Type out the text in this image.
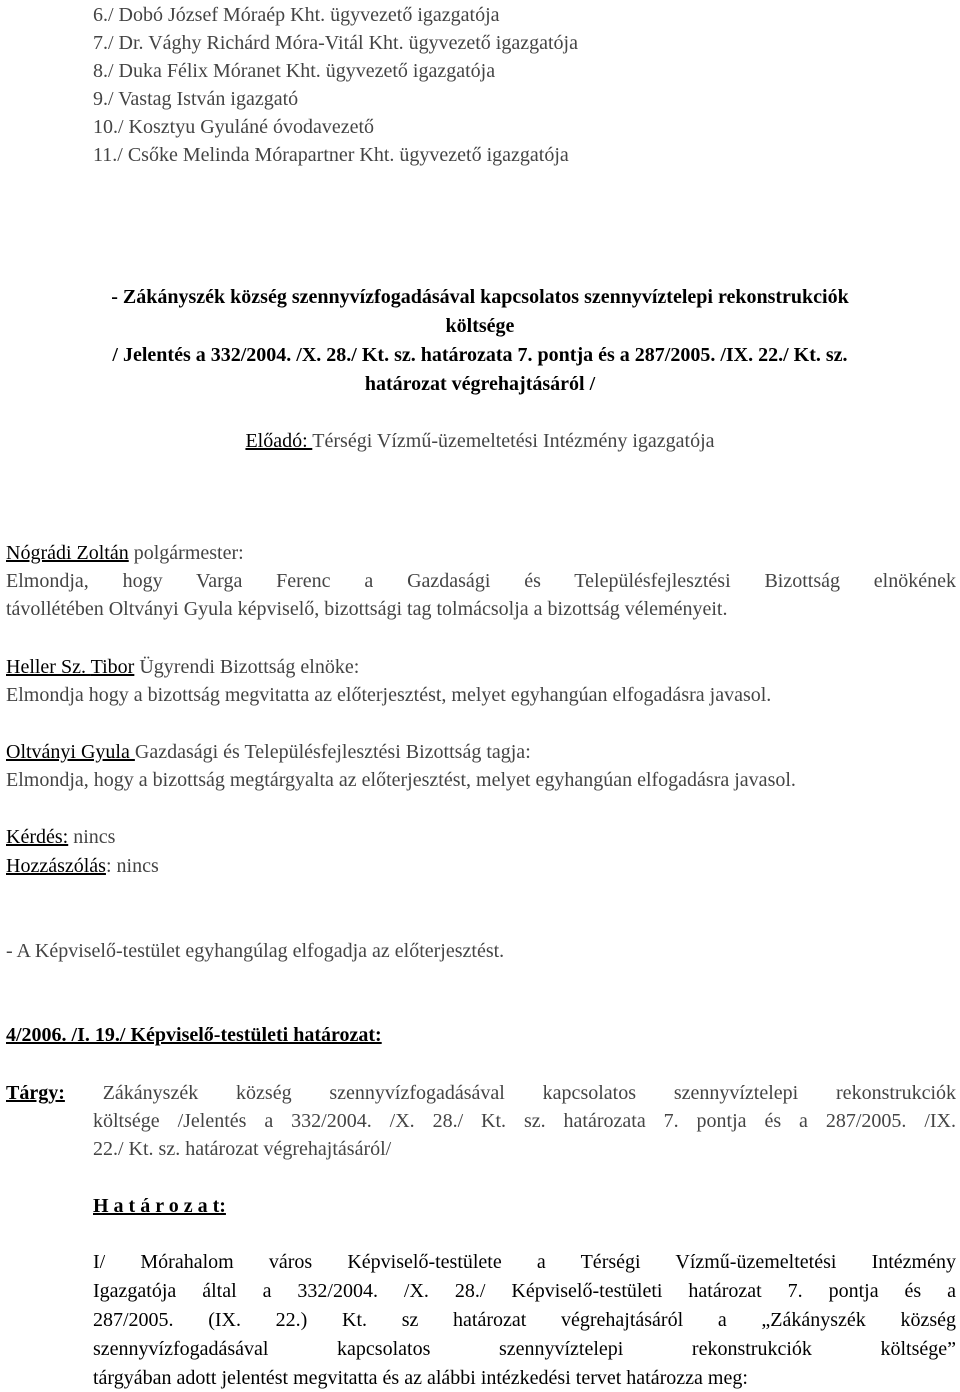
6./ Dobó József Móraép Kht. ügyvezető igazgatója
7./ Dr. Vághy Richárd Móra-Vitál Kht. ügyvezető igazgatója
8./ Duka Félix Móranet Kht. ügyvezető igazgatója
9./ Vastag István igazgató
10./ Kosztyu Gyuláné óvodavezető
11./ Csőke Melinda Mórapartner Kht. ügyvezető igazgatója
- Zákányszék község szennyvízfogadásával kapcsolatos szennyvíztelepi rekonstrukciók
költsége
/ Jelentés a 332/2004. /X. 28./ Kt. sz. határozata 7. pontja és a 287/2005. /IX. 22./ Kt. sz.
határozat végrehajtásáról /
Előadó: Térségi Vízmű-üzemeltetési Intézmény igazgatója
Nógrádi Zoltán polgármester:
Elmondja, hogy Varga Ferenc a Gazdasági és Településfejlesztési Bizottság elnökének
távollétében Oltványi Gyula képviselő, bizottsági tag tolmácsolja a bizottság véleményeit.
Heller Sz. Tibor Ügyrendi Bizottság elnöke:
Elmondja hogy a bizottság megvitatta az előterjesztést, melyet egyhangúan elfogadásra javasol.
Oltványi Gyula Gazdasági és Településfejlesztési Bizottság tagja:
Elmondja, hogy a bizottság megtárgyalta az előterjesztést, melyet egyhangúan elfogadásra javasol.
Kérdés: nincs
Hozzászólás: nincs
- A Képviselő-testület egyhangúlag elfogadja az előterjesztést.
4/2006. /I. 19./ Képviselő-testületi határozat:
Tárgy: Zákányszék község szennyvízfogadásával kapcsolatos szennyvíztelepi rekonstrukciók
költsége /Jelentés a 332/2004. /X. 28./ Kt. sz. határozata 7. pontja és a 287/2005. /IX.
22./ Kt. sz. határozat végrehajtásáról/
H a t á r o z a t:
I/ Mórahalom város Képviselő-testülete a Térségi Vízmű-üzemeltetési Intézmény
Igazgatója által a 332/2004. /X. 28./ Képviselő-testületi határozat 7. pontja és a
287/2005. (IX. 22.) Kt. sz határozat végrehajtásáról a „Zákányszék község
szennyvízfogadásával kapcsolatos szennyvíztelepi rekonstrukciók költsége”
tárgyában adott jelentést megvitatta és az alábbi intézkedési tervet határozza meg:
